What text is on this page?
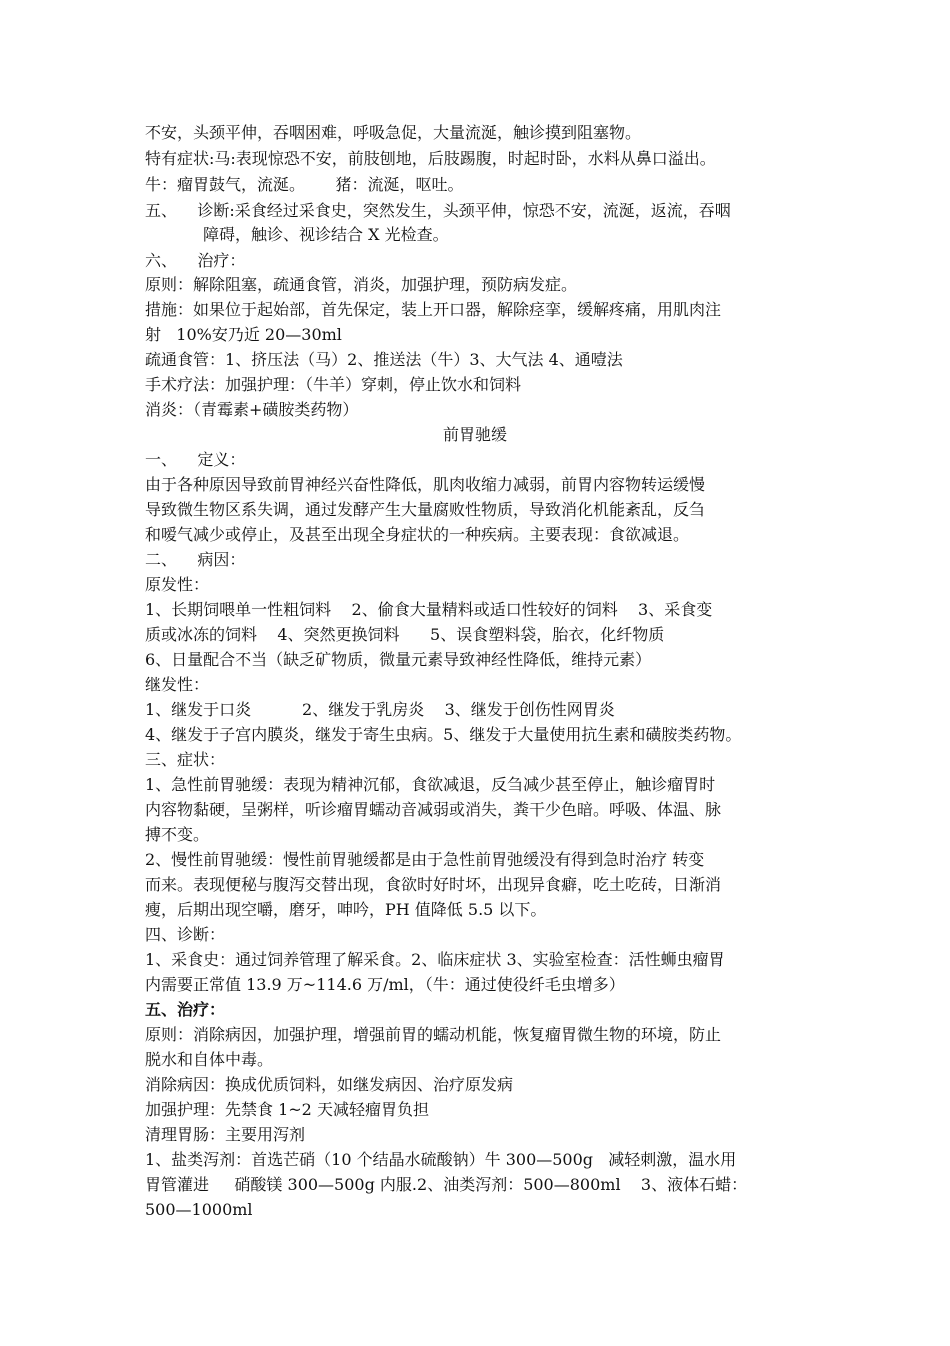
不安，头颈平伸，吞咽困难，呼吸急促，大量流涎，触诊摸到阻塞物。
特有症状:马:表现惊恐不安，前肢刨地，后肢踢腹，时起时卧，水料从鼻口溢出。
牛：瘤胃鼓气，流涎。      猪：流涎，呕吐。
五、    诊断:采食经过采食史，突然发生，头颈平伸，惊恐不安，流涎，返流，吞咽
障碍，触诊、视诊结合 X 光检查。
六、    治疗：
原则：解除阻塞，疏通食管，消炎，加强护理，预防病发症。
措施：如果位于起始部，首先保定，装上开口器，解除痉挛，缓解疼痛，用肌肉注
射   10%安乃近 20—30ml
疏通食管：1、挤压法（马）2、推送法（牛）3、大气法 4、通噎法
手术疗法：加强护理：（牛羊）穿刺，停止饮水和饲料
消炎：（青霉素+磺胺类药物）
前胃驰缓
一、    定义：
由于各种原因导致前胃神经兴奋性降低，肌肉收缩力减弱，前胃内容物转运缓慢
导致微生物区系失调，通过发酵产生大量腐败性物质，导致消化机能紊乱，反刍
和嗳气减少或停止，及甚至出现全身症状的一种疾病。主要表现：食欲减退。
二、    病因：
原发性：
1、长期饲喂单一性粗饲料    2、偷食大量精料或适口性较好的饲料    3、采食变
质或冰冻的饲料    4、突然更换饲料      5、误食塑料袋，胎衣，化纤物质
6、日量配合不当（缺乏矿物质，微量元素导致神经性降低，维持元素）
继发性：
1、继发于口炎          2、继发于乳房炎    3、继发于创伤性网胃炎
4、继发于子宫内膜炎，继发于寄生虫病。5、继发于大量使用抗生素和磺胺类药物。
三、症状：
1、急性前胃驰缓：表现为精神沉郁，食欲减退，反刍减少甚至停止，触诊瘤胃时
内容物黏硬，呈粥样，听诊瘤胃蠕动音减弱或消失，粪干少色暗。呼吸、体温、脉
搏不变。
2、慢性前胃驰缓：慢性前胃驰缓都是由于急性前胃弛缓没有得到急时治疗 转变
而来。表现便秘与腹泻交替出现，食欲时好时坏，出现异食癖，吃土吃砖，日渐消
瘦，后期出现空嚼，磨牙，呻吟，PH 值降低 5.5 以下。
四、诊断：
1、采食史：通过饲养管理了解采食。2、临床症状 3、实验室检查：活性蛳虫瘤胃
内需要正常值 13.9 万~114.6 万/ml，（牛：通过使役纤毛虫增多）
五、治疗：
原则：消除病因，加强护理，增强前胃的蠕动机能，恢复瘤胃微生物的环境，防止
脱水和自体中毒。
消除病因：换成优质饲料，如继发病因、治疗原发病
加强护理：先禁食 1~2 天减轻瘤胃负担
清理胃肠：主要用泻剂
1、盐类泻剂：首选芒硝（10 个结晶水硫酸钠）牛 300—500g   减轻刺激，温水用
胃管灌进     硝酸镁 300—500g 内服.2、油类泻剂：500—800ml    3、液体石蜡：
500—1000ml
